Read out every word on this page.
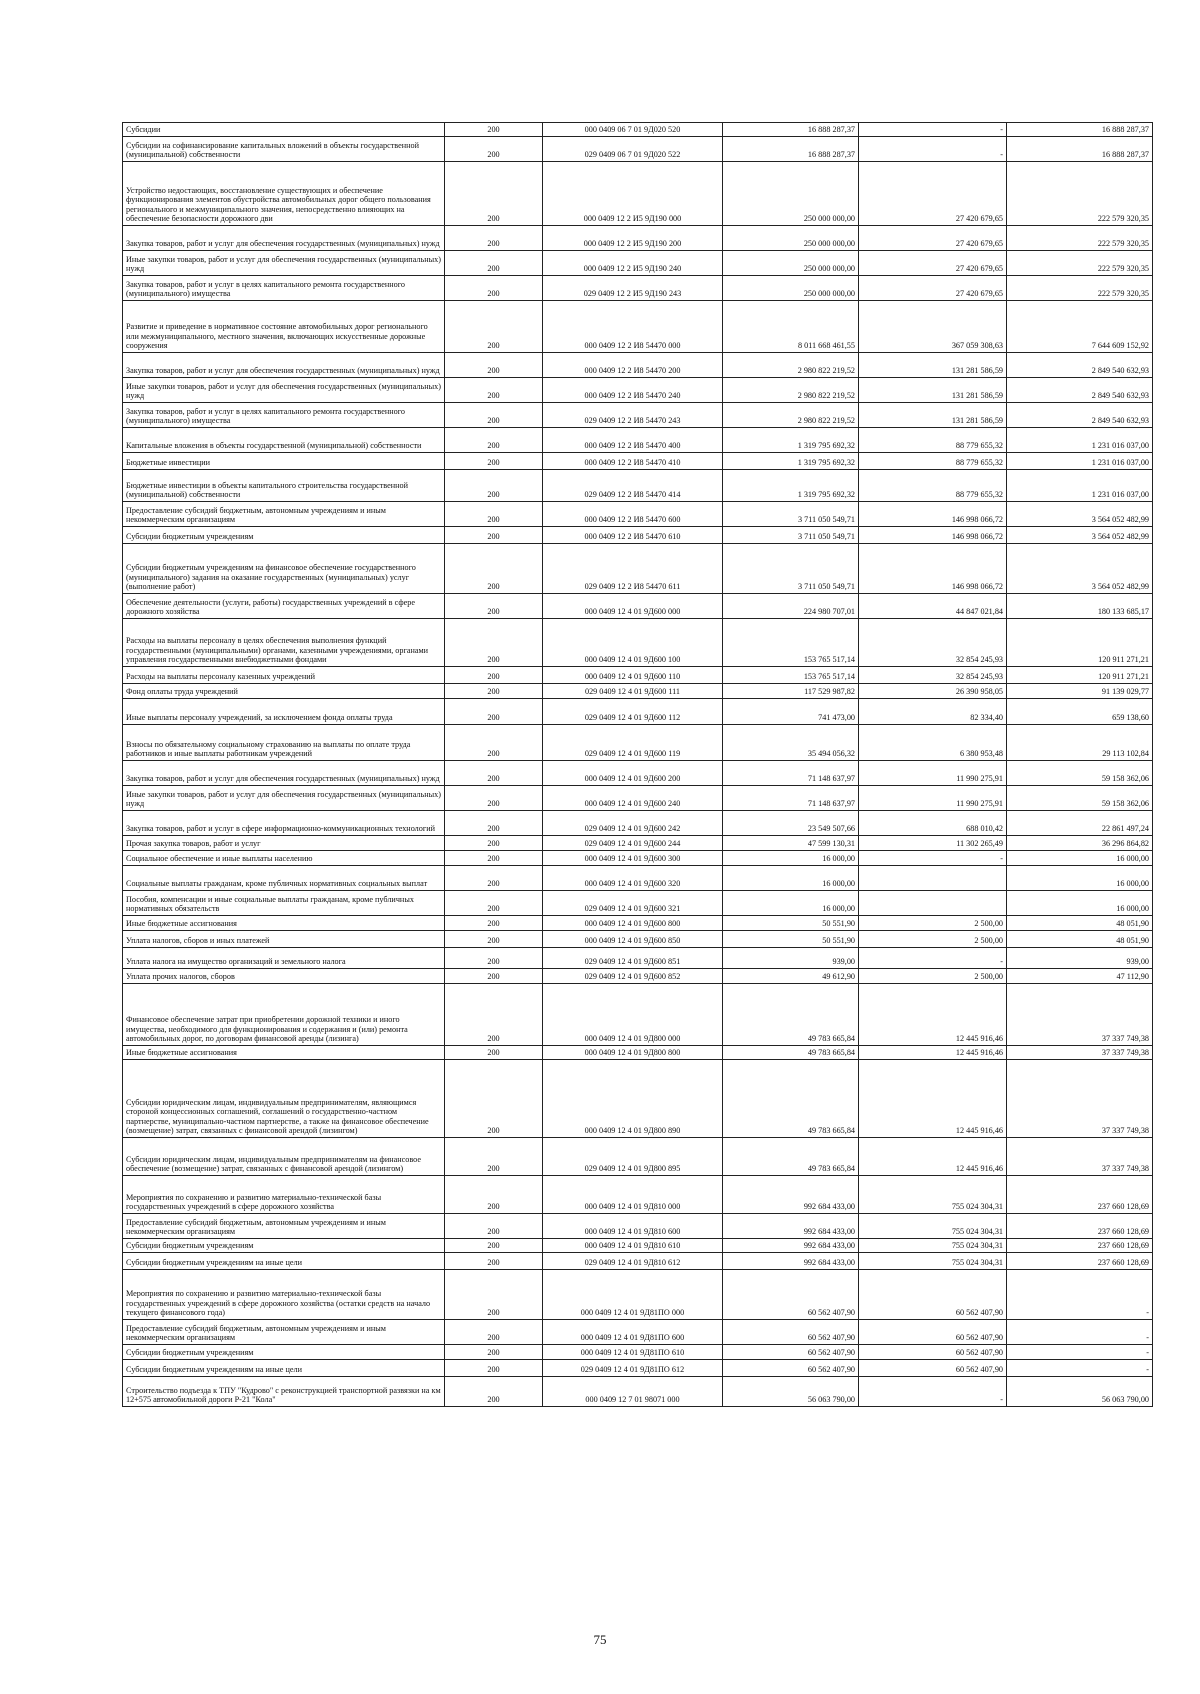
Субсидии	200	000 0409 06 7 01 9Д020 520	16 888 287,37	-	16 888 287,37
Субсидии на софинансирование капитальных вложений в объекты государственной (муниципальной) собственности	200	029 0409 06 7 01 9Д020 522	16 888 287,37	-	16 888 287,37
Устройство недостающих, восстановление существующих и обеспечение функционирования элементов обустройства автомобильных дорог общего пользования регионального и межмуниципального значения, непосредственно влияющих на обеспечение безопасности дорожного дви	200	000 0409 12 2 И5 9Д190 000	250 000 000,00	27 420 679,65	222 579 320,35
Закупка товаров, работ и услуг для обеспечения государственных (муниципальных) нужд	200	000 0409 12 2 И5 9Д190 200	250 000 000,00	27 420 679,65	222 579 320,35
Иные закупки товаров, работ и услуг для обеспечения государственных (муниципальных) нужд	200	000 0409 12 2 И5 9Д190 240	250 000 000,00	27 420 679,65	222 579 320,35
Закупка товаров, работ и услуг в целях капитального ремонта государственного (муниципального) имущества	200	029 0409 12 2 И5 9Д190 243	250 000 000,00	27 420 679,65	222 579 320,35
Развитие и приведение в нормативное состояние автомобильных дорог регионального или межмуниципального, местного значения, включающих искусственные дорожные сооружения	200	000 0409 12 2 И8 54470 000	8 011 668 461,55	367 059 308,63	7 644 609 152,92
Закупка товаров, работ и услуг для обеспечения государственных (муниципальных) нужд	200	000 0409 12 2 И8 54470 200	2 980 822 219,52	131 281 586,59	2 849 540 632,93
Иные закупки товаров, работ и услуг для обеспечения государственных (муниципальных) нужд	200	000 0409 12 2 И8 54470 240	2 980 822 219,52	131 281 586,59	2 849 540 632,93
Закупка товаров, работ и услуг в целях капитального ремонта государственного (муниципального) имущества	200	029 0409 12 2 И8 54470 243	2 980 822 219,52	131 281 586,59	2 849 540 632,93
Капитальные вложения в объекты государственной (муниципальной) собственности	200	000 0409 12 2 И8 54470 400	1 319 795 692,32	88 779 655,32	1 231 016 037,00
Бюджетные инвестиции	200	000 0409 12 2 И8 54470 410	1 319 795 692,32	88 779 655,32	1 231 016 037,00
Бюджетные инвестиции в объекты капитального строительства государственной (муниципальной) собственности	200	029 0409 12 2 И8 54470 414	1 319 795 692,32	88 779 655,32	1 231 016 037,00
Предоставление субсидий бюджетным, автономным учреждениям и иным некоммерческим организациям	200	000 0409 12 2 И8 54470 600	3 711 050 549,71	146 998 066,72	3 564 052 482,99
Субсидии бюджетным учреждениям	200	000 0409 12 2 И8 54470 610	3 711 050 549,71	146 998 066,72	3 564 052 482,99
Субсидии бюджетным учреждениям на финансовое обеспечение государственного (муниципального) задания на оказание государственных (муниципальных) услуг (выполнение работ)	200	029 0409 12 2 И8 54470 611	3 711 050 549,71	146 998 066,72	3 564 052 482,99
Обеспечение деятельности (услуги, работы) государственных учреждений в сфере дорожного хозяйства	200	000 0409 12 4 01 9Д600 000	224 980 707,01	44 847 021,84	180 133 685,17
Расходы на выплаты персоналу в целях обеспечения выполнения функций государственными (муниципальными) органами, казенными учреждениями, органами управления государственными внебюджетными фондами	200	000 0409 12 4 01 9Д600 100	153 765 517,14	32 854 245,93	120 911 271,21
Расходы на выплаты персоналу казенных учреждений	200	000 0409 12 4 01 9Д600 110	153 765 517,14	32 854 245,93	120 911 271,21
Фонд оплаты труда учреждений	200	029 0409 12 4 01 9Д600 111	117 529 987,82	26 390 958,05	91 139 029,77
Иные выплаты персоналу учреждений, за исключением фонда оплаты труда	200	029 0409 12 4 01 9Д600 112	741 473,00	82 334,40	659 138,60
Взносы по обязательному социальному страхованию на выплаты по оплате труда работников и иные выплаты работникам учреждений	200	029 0409 12 4 01 9Д600 119	35 494 056,32	6 380 953,48	29 113 102,84
Закупка товаров, работ и услуг для обеспечения государственных (муниципальных) нужд	200	000 0409 12 4 01 9Д600 200	71 148 637,97	11 990 275,91	59 158 362,06
Иные закупки товаров, работ и услуг для обеспечения государственных (муниципальных) нужд	200	000 0409 12 4 01 9Д600 240	71 148 637,97	11 990 275,91	59 158 362,06
Закупка товаров, работ и услуг в сфере информационно-коммуникационных технологий	200	029 0409 12 4 01 9Д600 242	23 549 507,66	688 010,42	22 861 497,24
Прочая закупка товаров, работ и услуг	200	029 0409 12 4 01 9Д600 244	47 599 130,31	11 302 265,49	36 296 864,82
Социальное обеспечение и иные выплаты населению	200	000 0409 12 4 01 9Д600 300	16 000,00	-	16 000,00
Социальные выплаты гражданам, кроме публичных нормативных социальных выплат	200	000 0409 12 4 01 9Д600 320	16 000,00		16 000,00
Пособия, компенсации и иные социальные выплаты гражданам, кроме публичных нормативных обязательств	200	029 0409 12 4 01 9Д600 321	16 000,00		16 000,00
Иные бюджетные ассигнования	200	000 0409 12 4 01 9Д600 800	50 551,90	2 500,00	48 051,90
Уплата налогов, сборов и иных платежей	200	000 0409 12 4 01 9Д600 850	50 551,90	2 500,00	48 051,90
Уплата налога на имущество организаций и земельного налога	200	029 0409 12 4 01 9Д600 851	939,00	-	939,00
Уплата прочих налогов, сборов	200	029 0409 12 4 01 9Д600 852	49 612,90	2 500,00	47 112,90
Финансовое обеспечение затрат при приобретении дорожной техники и иного имущества, необходимого для функционирования и содержания и (или) ремонта автомобильных дорог, по договорам финансовой аренды (лизинга)	200	000 0409 12 4 01 9Д800 000	49 783 665,84	12 445 916,46	37 337 749,38
Иные бюджетные ассигнования	200	000 0409 12 4 01 9Д800 800	49 783 665,84	12 445 916,46	37 337 749,38
Субсидии юридическим лицам, индивидуальным предпринимателям, являющимся стороной концессионных соглашений, соглашений о государственно-частном партнерстве, муниципально-частном партнерстве, а также на финансовое обеспечение (возмещение) затрат, связанных с финансовой арендой (лизингом)	200	000 0409 12 4 01 9Д800 890	49 783 665,84	12 445 916,46	37 337 749,38
Субсидии юридическим лицам, индивидуальным предпринимателям на финансовое обеспечение (возмещение) затрат, связанных с финансовой арендой (лизингом)	200	029 0409 12 4 01 9Д800 895	49 783 665,84	12 445 916,46	37 337 749,38
Мероприятия по сохранению и развитию материально-технической базы государственных учреждений в сфере дорожного хозяйства	200	000 0409 12 4 01 9Д810 000	992 684 433,00	755 024 304,31	237 660 128,69
Предоставление субсидий бюджетным, автономным учреждениям и иным некоммерческим организациям	200	000 0409 12 4 01 9Д810 600	992 684 433,00	755 024 304,31	237 660 128,69
Субсидии бюджетным учреждениям	200	000 0409 12 4 01 9Д810 610	992 684 433,00	755 024 304,31	237 660 128,69
Субсидии бюджетным учреждениям на иные цели	200	029 0409 12 4 01 9Д810 612	992 684 433,00	755 024 304,31	237 660 128,69
Мероприятия по сохранению и развитию материально-технической базы государственных учреждений в сфере дорожного хозяйства (остатки средств на начало текущего финансового года)	200	000 0409 12 4 01 9Д81ПО 000	60 562 407,90	60 562 407,90	-
Предоставление субсидий бюджетным, автономным учреждениям и иным некоммерческим организациям	200	000 0409 12 4 01 9Д81ПО 600	60 562 407,90	60 562 407,90	-
Субсидии бюджетным учреждениям	200	000 0409 12 4 01 9Д81ПО 610	60 562 407,90	60 562 407,90	-
Субсидии бюджетным учреждениям на иные цели	200	029 0409 12 4 01 9Д81ПО 612	60 562 407,90	60 562 407,90	-
Строительство подъезда к ТПУ "Кудрово" с реконструкцией транспортной развязки на км 12+575 автомобильной дороги Р-21 "Кола"	200	000 0409 12 7 01 98071 000	56 063 790,00	-	56 063 790,00
75
